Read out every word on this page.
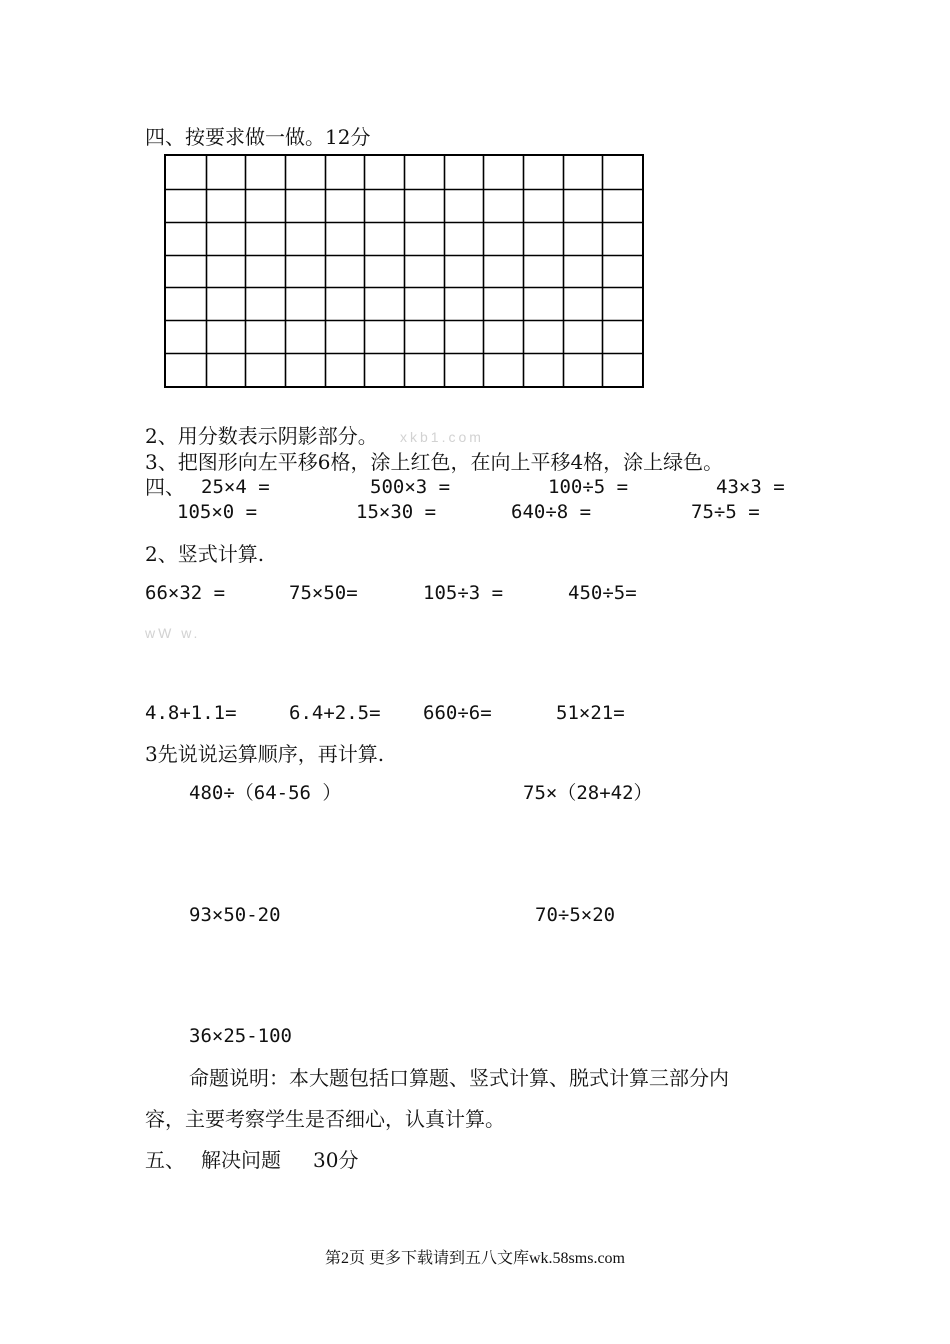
四、按要求做一做。12分
2、用分数表示阴影部分。 xkb1.com
3、把图形向左平移6格，涂上红色，在向上平移4格，涂上绿色。
四、 25×4 =	500×3 =	100÷5 =	43×3 =
105×0 =	15×30 =	640÷8 =	75÷5 =
2、竖式计算.
66×32 =	75×50=	105÷3 =	450÷5=
wW w.
4.8+1.1=	6.4+2.5= 660÷6=	51×21=
3先说说运算顺序，再计算.
480÷（64-56 ）	75×（28+42）
93×50-20	70÷5×20
36×25-100
命题说明：本大题包括口算题、竖式计算、脱式计算三部分内
容，主要考察学生是否细心，认真计算。
五、 解决问题 30分
第2页 更多下载请到五八文库wk.58sms.com
